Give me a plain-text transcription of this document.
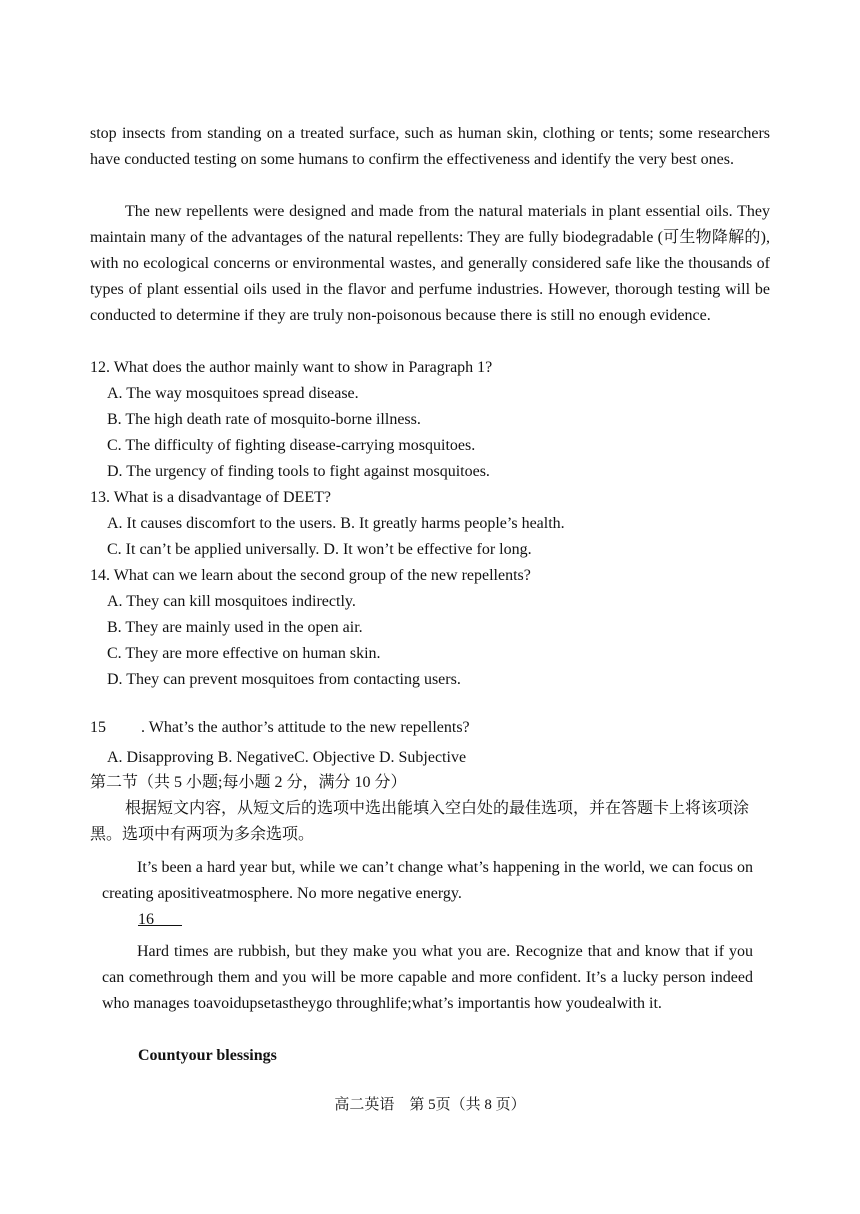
stop insects from standing on a treated surface, such as human skin, clothing or tents; some researchers have conducted testing on some humans to confirm the effectiveness and identify the very best ones.
The new repellents were designed and made from the natural materials in plant essential oils. They maintain many of the advantages of the natural repellents: They are fully biodegradable (可生物降解的), with no ecological concerns or environmental wastes, and generally considered safe like the thousands of types of plant essential oils used in the flavor and perfume industries. However, thorough testing will be conducted to determine if they are truly non-poisonous because there is still no enough evidence.
12. What does the author mainly want to show in Paragraph 1?
A. The way mosquitoes spread disease.
B. The high death rate of mosquito-borne illness.
C. The difficulty of fighting disease-carrying mosquitoes.
D. The urgency of finding tools to fight against mosquitoes.
13. What is a disadvantage of DEET?
A. It causes discomfort to the users. B. It greatly harms people’s health.
C. It can’t be applied universally. D. It won’t be effective for long.
14. What can we learn about the second group of the new repellents?
A. They can kill mosquitoes indirectly.
B. They are mainly used in the open air.
C. They are more effective on human skin.
D. They can prevent mosquitoes from contacting users.
15 . What’s the author’s attitude to the new repellents?
A. Disapproving B. NegativeC. Objective D. Subjective
第二节（共 5 小题;每小题 2 分，满分 10 分）
根据短文内容，从短文后的选项中选出能填入空白处的最佳选项，并在答题卡上将该项涂黑。选项中有两项为多余选项。
It’s been a hard year but, while we can’t change what’s happening in the world, we can focus on creating apositiveatmosphere. No more negative energy.
16
Hard times are rubbish, but they make you what you are. Recognize that and know that if you can comethrough them and you will be more capable and more confident. It’s a lucky person indeed who manages toavoidupsetastheygo throughlife;what’s importantis how youdealwith it.
Countyour blessings
高二英语　第 5页（共 8 页）
